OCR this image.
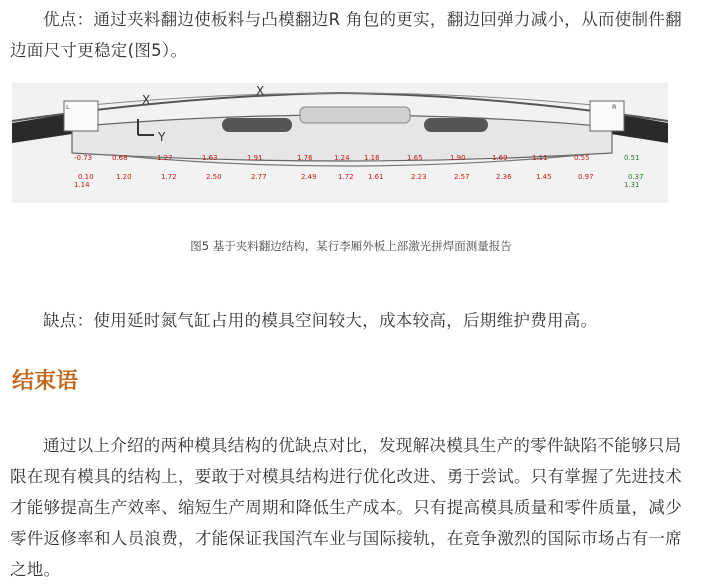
优点：通过夹料翻边使板料与凸模翻边R 角包的更实，翻边回弹力减小，从而使制件翻边面尺寸更稳定(图5）。

X
X
Y
L	R
-0.73	0.68	1.27	1.63	1.91	1.76	1.24 1.16	1.65	1.90	1.69	1.11	0.55	0.51
0.10	1.20	1.72	2.50	2.77	2.49	1.72 1.61	2.23	2.57	2.36	1.45	0.97	0.37
1.14	1.31
图5 基于夹料翻边结构，某行李厢外板上部激光拼焊面测量报告

缺点：使用延时氮气缸占用的模具空间较大，成本较高，后期维护费用高。

结束语

通过以上介绍的两种模具结构的优缺点对比，发现解决模具生产的零件缺陷不能够只局限在现有模具的结构上，要敢于对模具结构进行优化改进、勇于尝试。只有掌握了先进技术才能够提高生产效率、缩短生产周期和降低生产成本。只有提高模具质量和零件质量，减少零件返修率和人员浪费，才能保证我国汽车业与国际接轨，在竞争激烈的国际市场占有一席之地。
